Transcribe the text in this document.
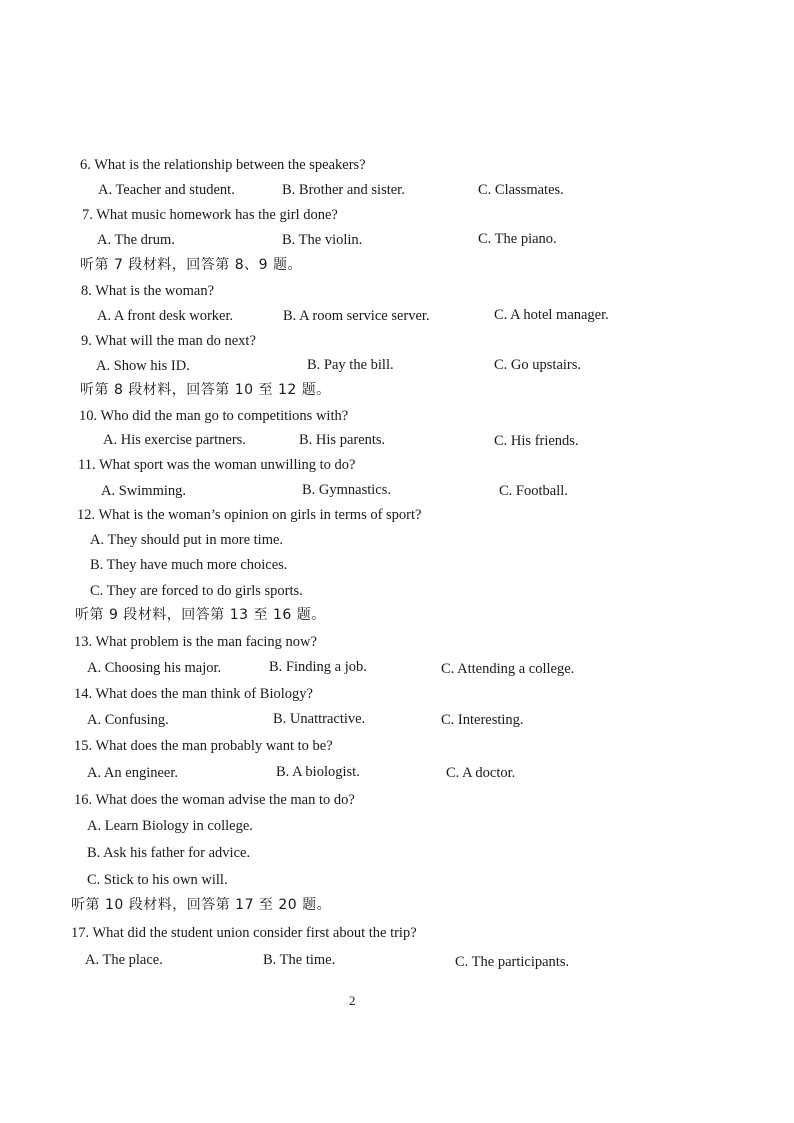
6. What is the relationship between the speakers?
A. Teacher and student.	B. Brother and sister.	C. Classmates.
7. What music homework has the girl done?
A. The drum.	B. The violin.	C. The piano.
听第 7 段材料，回答第 8、9 题。
8. What is the woman?
A. A front desk worker.	B. A room service server.	C. A hotel manager.
9. What will the man do next?
A. Show his ID.	B. Pay the bill.	C. Go upstairs.
听第 8 段材料，回答第 10 至 12 题。
10. Who did the man go to competitions with?
A. His exercise partners.	B. His parents.	C. His friends.
11. What sport was the woman unwilling to do?
A. Swimming.	B. Gymnastics.	C. Football.
12. What is the woman’s opinion on girls in terms of sport?
A. They should put in more time.
B. They have much more choices.
C. They are forced to do girls sports.
听第 9 段材料，回答第 13 至 16 题。
13. What problem is the man facing now?
A. Choosing his major.	B. Finding a job.	C. Attending a college.
14. What does the man think of Biology?
A. Confusing.	B. Unattractive.	C. Interesting.
15. What does the man probably want to be?
A. An engineer.	B. A biologist.	C. A doctor.
16. What does the woman advise the man to do?
A. Learn Biology in college.
B. Ask his father for advice.
C. Stick to his own will.
听第 10 段材料，回答第 17 至 20 题。
17. What did the student union consider first about the trip?
A. The place.	B. The time.	C. The participants.
2
